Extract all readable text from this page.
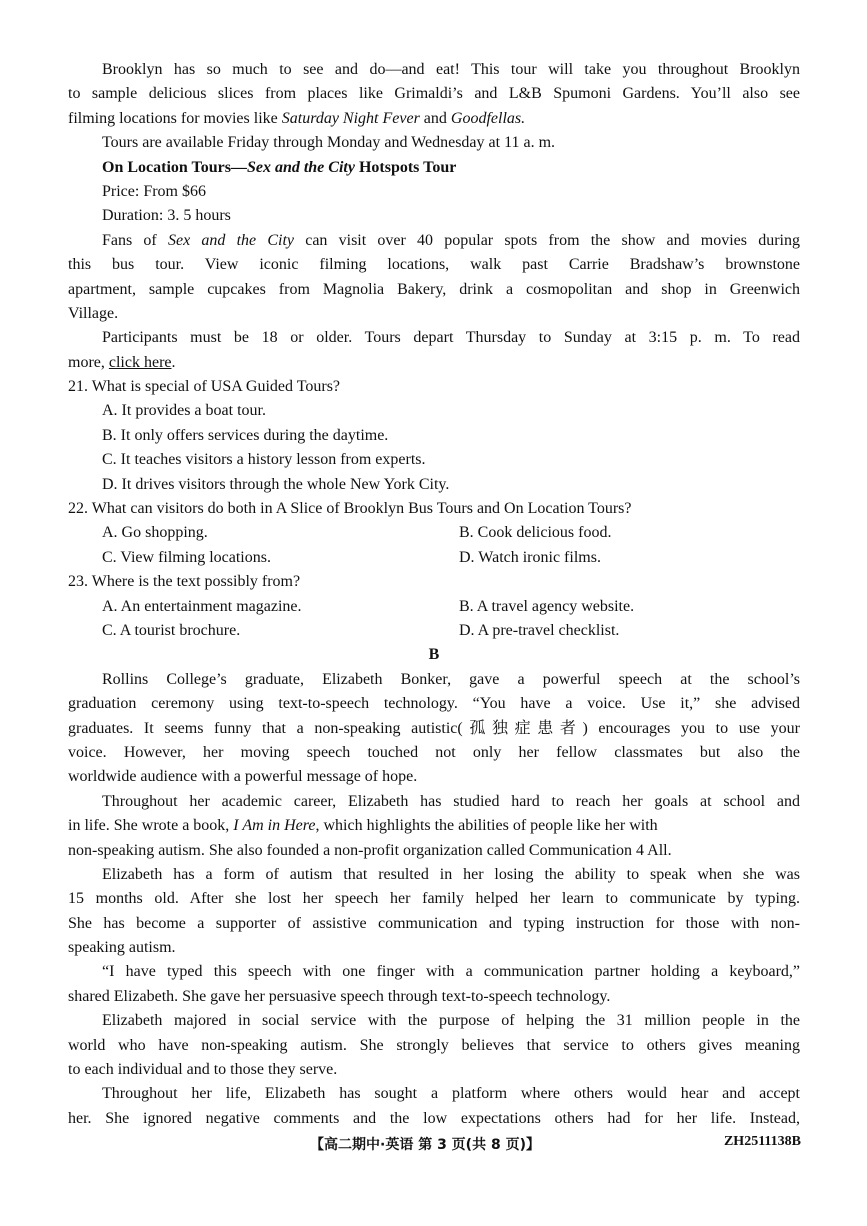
Brooklyn has so much to see and do—and eat! This tour will take you throughout Brooklyn
to sample delicious slices from places like Grimaldi’s and L&B Spumoni Gardens. You’ll also see
filming locations for movies like Saturday Night Fever and Goodfellas.
Tours are available Friday through Monday and Wednesday at 11 a. m.
On Location Tours—Sex and the City Hotspots Tour
Price: From $66
Duration: 3. 5 hours
Fans of Sex and the City can visit over 40 popular spots from the show and movies during
this bus tour. View iconic filming locations, walk past Carrie Bradshaw’s brownstone
apartment, sample cupcakes from Magnolia Bakery, drink a cosmopolitan and shop in Greenwich
Village.
Participants must be 18 or older. Tours depart Thursday to Sunday at 3:15 p. m. To read
more, click here.
21. What is special of USA Guided Tours?
A. It provides a boat tour.
B. It only offers services during the daytime.
C. It teaches visitors a history lesson from experts.
D. It drives visitors through the whole New York City.
22. What can visitors do both in A Slice of Brooklyn Bus Tours and On Location Tours?
A. Go shopping.	B. Cook delicious food.
C. View filming locations.	D. Watch ironic films.
23. Where is the text possibly from?
A. An entertainment magazine.	B. A travel agency website.
C. A tourist brochure.	D. A pre-travel checklist.
B
Rollins College’s graduate, Elizabeth Bonker, gave a powerful speech at the school’s
graduation ceremony using text-to-speech technology. “You have a voice. Use it,” she advised
graduates. It seems funny that a non-speaking autistic(孤独症患者) encourages you to use your
voice. However, her moving speech touched not only her fellow classmates but also the
worldwide audience with a powerful message of hope.
Throughout her academic career, Elizabeth has studied hard to reach her goals at school and
in life. She wrote a book, I Am in Here, which highlights the abilities of people like her with
non-speaking autism. She also founded a non-profit organization called Communication 4 All.
Elizabeth has a form of autism that resulted in her losing the ability to speak when she was
15 months old. After she lost her speech her family helped her learn to communicate by typing.
She has become a supporter of assistive communication and typing instruction for those with non-
speaking autism.
“I have typed this speech with one finger with a communication partner holding a keyboard,”
shared Elizabeth. She gave her persuasive speech through text-to-speech technology.
Elizabeth majored in social service with the purpose of helping the 31 million people in the
world who have non-speaking autism. She strongly believes that service to others gives meaning
to each individual and to those they serve.
Throughout her life, Elizabeth has sought a platform where others would hear and accept
her. She ignored negative comments and the low expectations others had for her life. Instead,
【高二期中·英语 第 3 页(共 8 页)】	ZH2511138B
